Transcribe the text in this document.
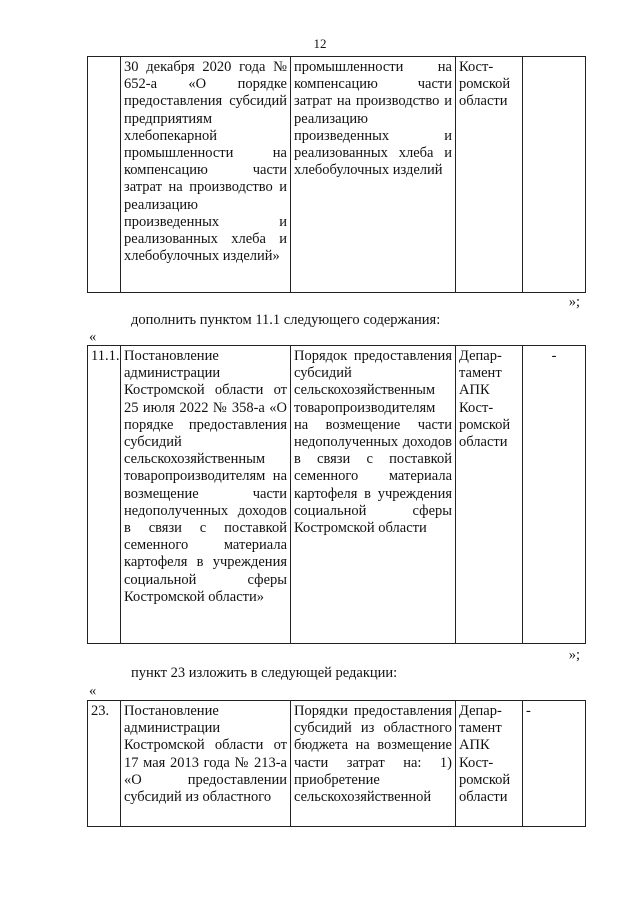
12
	30 декабря 2020 года № 652-а «О порядке предоставления субсидий предприятиям хлебопекарной промышленности на компенсацию части затрат на производство и реализацию произведенных и реализованных хлеба и хлебобулочных изделий»	промышленности на компенсацию части затрат на производство и реализацию произведенных и реализованных хлеба и хлебобулочных изделий	Кост-ромской области	
»;
дополнить пунктом 11.1 следующего содержания:
«
11.1.	Постановление администрации Костромской области от 25 июля 2022 № 358-а «О порядке предоставления субсидий сельскохозяйственным товаропроизводителям на возмещение части недополученных доходов в связи с поставкой семенного материала картофеля в учреждения социальной сферы Костромской области»	Порядок предоставления субсидий сельскохозяйственным товаропроизводителям на возмещение части недополученных доходов в связи с поставкой семенного материала картофеля в учреждения социальной сферы Костромской области	Депар-тамент АПК Кост-ромской области	-
»;
пункт 23 изложить в следующей редакции:
«
23.	Постановление администрации Костромской области от 17 мая 2013 года № 213-а «О предоставлении субсидий из областного	Порядки предоставления субсидий из областного бюджета на возмещение части затрат на: 1) приобретение сельскохозяйственной	Депар-тамент АПК Кост-ромской области	-
